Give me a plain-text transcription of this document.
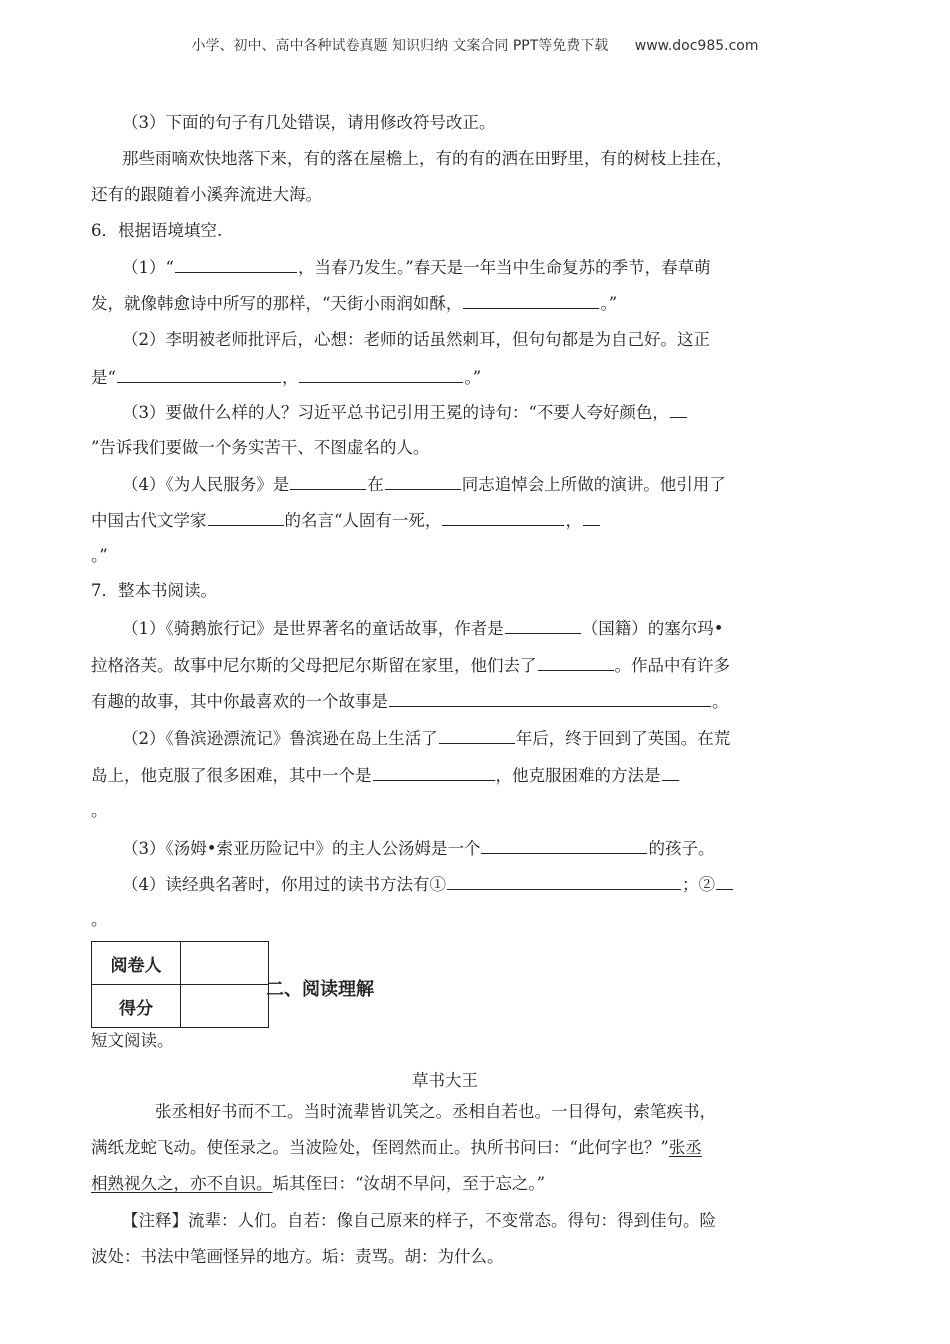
小学、初中、高中各种试卷真题 知识归纳 文案合同 PPT等免费下载 www.doc985.com
（3）下面的句子有几处错误，请用修改符号改正。
那些雨嘀欢快地落下来，有的落在屋檐上，有的有的洒在田野里，有的树枝上挂在，
还有的跟随着小溪奔流进大海。
6．根据语境填空.
（1）“	，当春乃发生。”春天是一年当中生命复苏的季节，春草萌
发，就像韩愈诗中所写的那样，“天街小雨润如酥，	。”
（2）李明被老师批评后，心想：老师的话虽然刺耳，但句句都是为自己好。这正
是“	，	。”
（3）要做什么样的人？习近平总书记引用王冕的诗句：“不要人夸好颜色，
”告诉我们要做一个务实苦干、不图虚名的人。
（4）《为人民服务》是	在	同志追悼会上所做的演讲。他引用了
中国古代文学家	的名言“人固有一死，	，
。”
7．整本书阅读。
（1）《骑鹅旅行记》是世界著名的童话故事，作者是	（国籍）的塞尔玛•
拉格洛芙。故事中尼尔斯的父母把尼尔斯留在家里，他们去了	。作品中有许多
有趣的故事，其中你最喜欢的一个故事是	。
（2）《鲁滨逊漂流记》鲁滨逊在岛上生活了	年后，终于回到了英国。在荒
岛上，他克服了很多困难，其中一个是	，他克服困难的方法是
。
（3）《汤姆•索亚历险记中》的主人公汤姆是一个	的孩子。
（4）读经典名著时，你用过的读书方法有①	；②
。
阅卷人	
得分	
二、阅读理解
短文阅读。
草书大王
张丞相好书而不工。当时流辈皆讥笑之。丞相自若也。一日得句，索笔疾书，
满纸龙蛇飞动。使侄录之。当波险处，侄罔然而止。执所书问曰：“此何字也？”张丞
相熟视久之，亦不自识。垢其侄曰：“汝胡不早问，至于忘之。”
【注释】流辈：人们。自若：像自己原来的样子，不变常态。得句：得到佳句。险
波处：书法中笔画怪异的地方。垢：责骂。胡：为什么。
